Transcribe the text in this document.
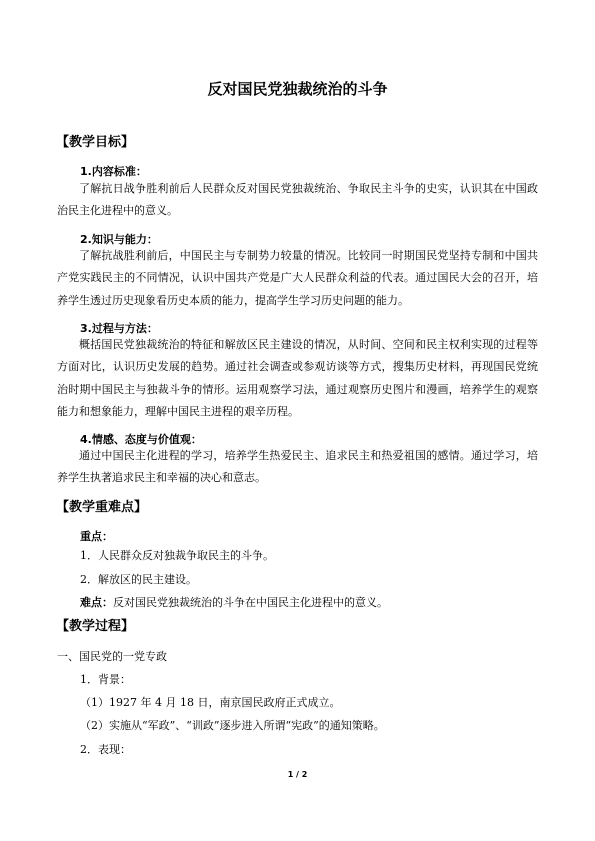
反对国民党独裁统治的斗争
【教学目标】
1.内容标准：

了解抗日战争胜利前后人民群众反对国民党独裁统治、争取民主斗争的史实，认识其在中国政治民主化进程中的意义。

2.知识与能力：

了解抗战胜利前后，中国民主与专制势力较量的情况。比较同一时期国民党坚持专制和中国共产党实践民主的不同情况，认识中国共产党是广大人民群众利益的代表。通过国民大会的召开，培养学生透过历史现象看历史本质的能力，提高学生学习历史问题的能力。

3.过程与方法：

概括国民党独裁统治的特征和解放区民主建设的情况，从时间、空间和民主权利实现的过程等方面对比，认识历史发展的趋势。通过社会调查或参观访谈等方式，搜集历史材料，再现国民党统治时期中国民主与独裁斗争的情形。运用观察学习法，通过观察历史图片和漫画，培养学生的观察能力和想象能力，理解中国民主进程的艰辛历程。

4.情感、态度与价值观：

通过中国民主化进程的学习，培养学生热爱民主、追求民主和热爱祖国的感情。通过学习，培养学生执著追求民主和幸福的决心和意志。

【教学重难点】
重点：
1．人民群众反对独裁争取民主的斗争。
2．解放区的民主建设。
难点：反对国民党独裁统治的斗争在中国民主化进程中的意义。
【教学过程】
一、国民党的一党专政
1．背景：
（1）1927 年 4 月 18 日，南京国民政府正式成立。
（2）实施从“军政”、“训政”逐步进入所谓“宪政”的通知策略。
2．表现：
1 / 2
